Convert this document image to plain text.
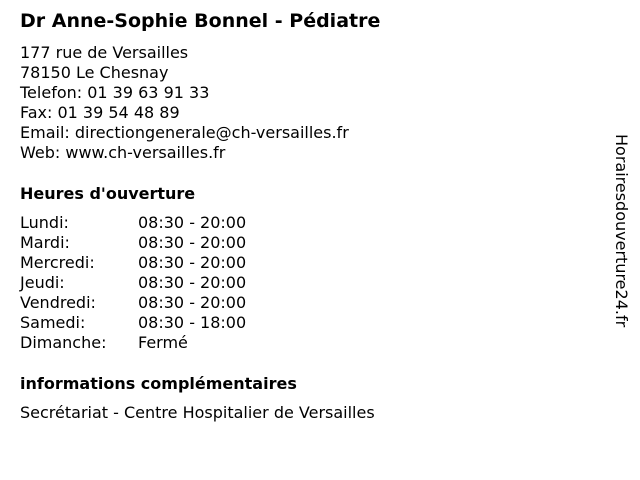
Dr Anne-Sophie Bonnel - Pédiatre
177 rue de Versailles
78150 Le Chesnay
Telefon: 01 39 63 91 33
Fax: 01 39 54 48 89
Email: directiongenerale@ch-versailles.fr
Web: www.ch-versailles.fr
Heures d'ouverture
Lundi:	08:30 - 20:00
Mardi:	08:30 - 20:00
Mercredi:	08:30 - 20:00
Jeudi:	08:30 - 20:00
Vendredi:	08:30 - 20:00
Samedi:	08:30 - 18:00
Dimanche: Fermé
informations complémentaires
Secrétariat - Centre Hospitalier de Versailles
Horairesdouverture24.fr
